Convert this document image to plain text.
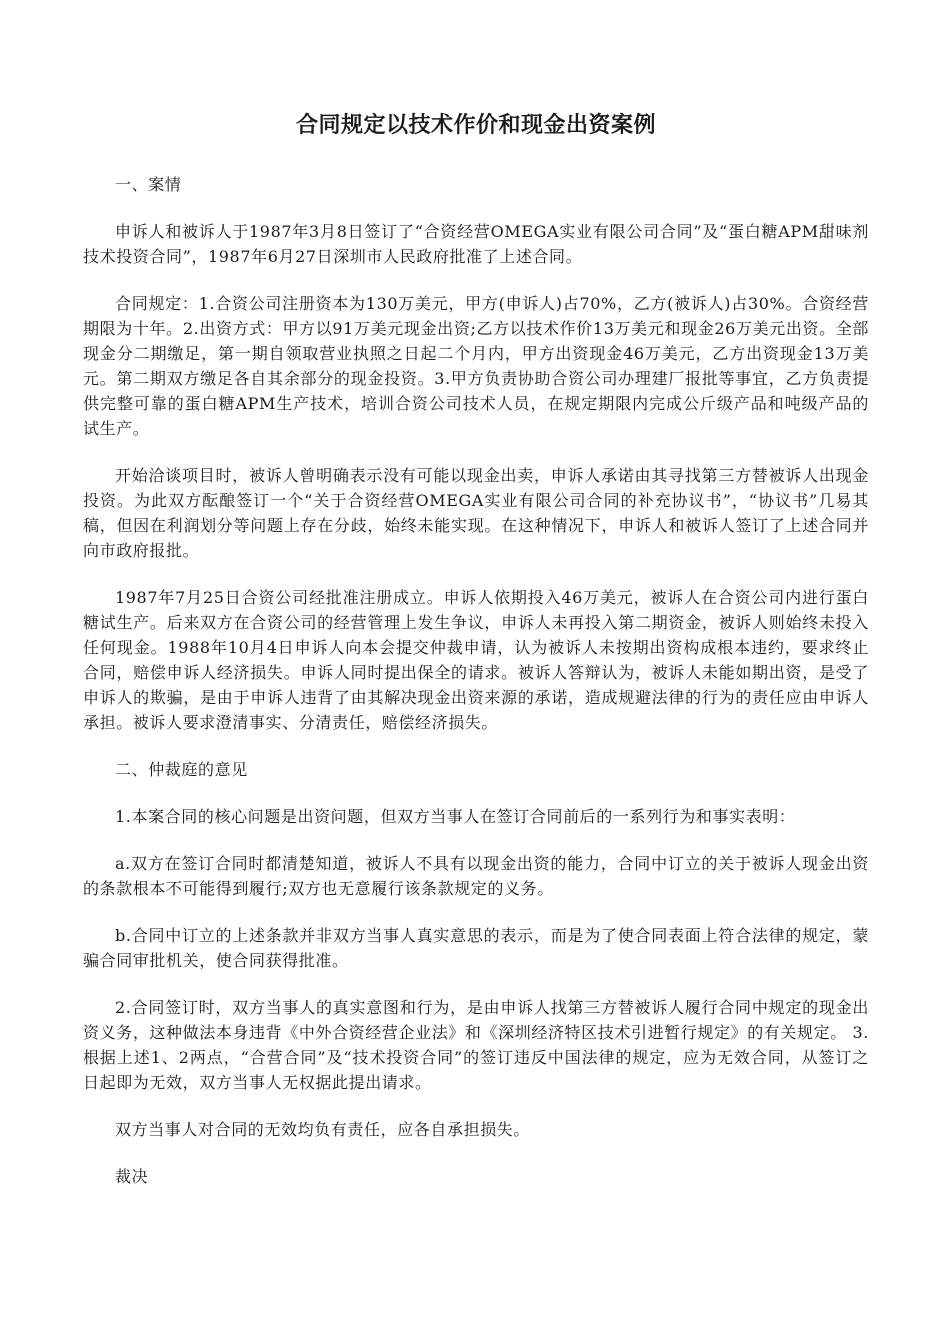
合同规定以技术作价和现金出资案例

一、案情

申诉人和被诉人于1987年3月8日签订了“合资经营OMEGA实业有限公司合同”及“蛋白糖APM甜味剂技术投资合同”，1987年6月27日深圳市人民政府批准了上述合同。

合同规定：1.合资公司注册资本为130万美元，甲方(申诉人)占70%，乙方(被诉人)占30%。合资经营期限为十年。2.出资方式：甲方以91万美元现金出资;乙方以技术作价13万美元和现金26万美元出资。全部现金分二期缴足，第一期自领取营业执照之日起二个月内，甲方出资现金46万美元，乙方出资现金13万美元。第二期双方缴足各自其余部分的现金投资。3.甲方负责协助合资公司办理建厂报批等事宜，乙方负责提供完整可靠的蛋白糖APM生产技术，培训合资公司技术人员，在规定期限内完成公斤级产品和吨级产品的试生产。

开始洽谈项目时，被诉人曾明确表示没有可能以现金出卖，申诉人承诺由其寻找第三方替被诉人出现金投资。为此双方酝酿签订一个“关于合资经营OMEGA实业有限公司合同的补充协议书”，“协议书”几易其稿，但因在利润划分等问题上存在分歧，始终未能实现。在这种情况下，申诉人和被诉人签订了上述合同并向市政府报批。

1987年7月25日合资公司经批准注册成立。申诉人依期投入46万美元，被诉人在合资公司内进行蛋白糖试生产。后来双方在合资公司的经营管理上发生争议，申诉人未再投入第二期资金，被诉人则始终未投入任何现金。1988年10月4日申诉人向本会提交仲裁申请，认为被诉人未按期出资构成根本违约，要求终止合同，赔偿申诉人经济损失。申诉人同时提出保全的请求。被诉人答辩认为，被诉人未能如期出资，是受了申诉人的欺骗，是由于申诉人违背了由其解决现金出资来源的承诺，造成规避法律的行为的责任应由申诉人承担。被诉人要求澄清事实、分清责任，赔偿经济损失。

二、仲裁庭的意见

1.本案合同的核心问题是出资问题，但双方当事人在签订合同前后的一系列行为和事实表明：

a.双方在签订合同时都清楚知道，被诉人不具有以现金出资的能力，合同中订立的关于被诉人现金出资的条款根本不可能得到履行;双方也无意履行该条款规定的义务。

b.合同中订立的上述条款并非双方当事人真实意思的表示，而是为了使合同表面上符合法律的规定，蒙骗合同审批机关，使合同获得批准。

2.合同签订时，双方当事人的真实意图和行为，是由申诉人找第三方替被诉人履行合同中规定的现金出资义务，这种做法本身违背《中外合资经营企业法》和《深圳经济特区技术引进暂行规定》的有关规定。 3.根据上述1、2两点，“合营合同”及“技术投资合同”的签订违反中国法律的规定，应为无效合同，从签订之日起即为无效，双方当事人无权据此提出请求。

双方当事人对合同的无效均负有责任，应各自承担损失。

裁决
